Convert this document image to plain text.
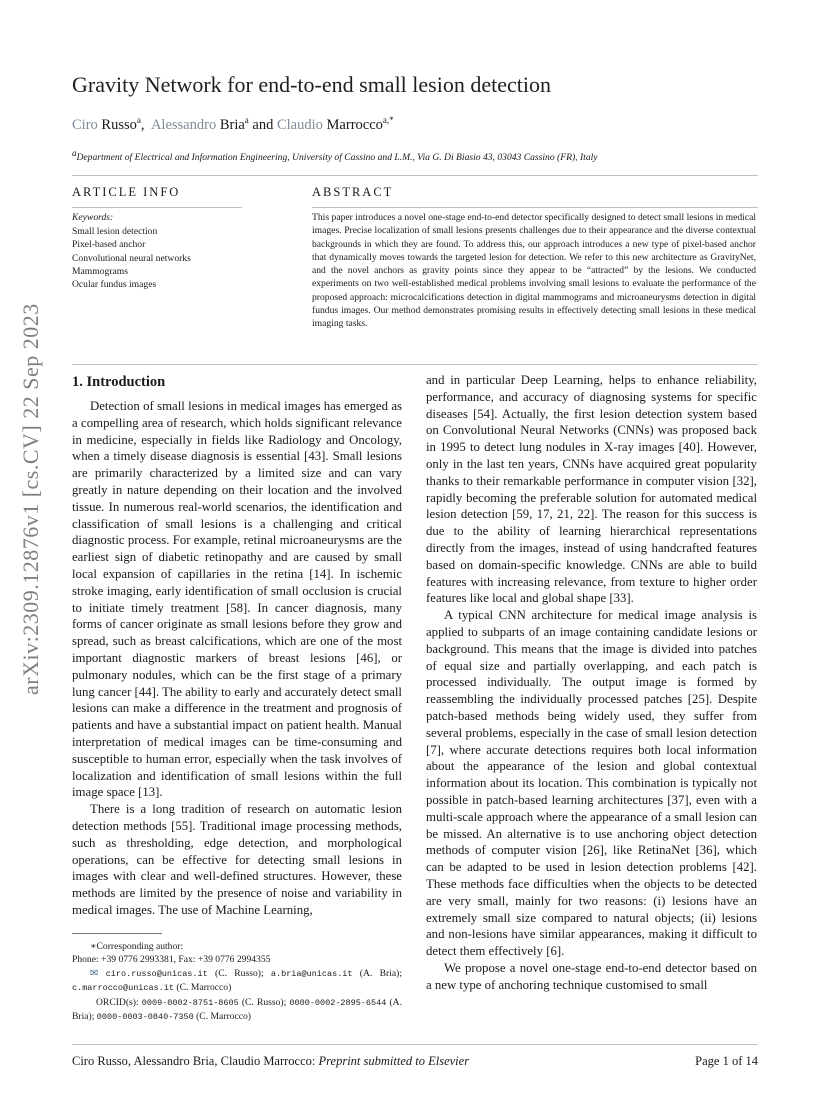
arXiv:2309.12876v1 [cs.CV] 22 Sep 2023
Gravity Network for end-to-end small lesion detection
Ciro Russo$^a$, Alessandro Bria$^a$ and Claudio Marrocco$^{a,*}$
$^a$Department of Electrical and Information Engineering, University of Cassino and L.M., Via G. Di Biasio 43, 03043 Cassino (FR), Italy
ARTICLE INFO	ABSTRACT
Keywords:
Small lesion detection
Pixel-based anchor
Convolutional neural networks
Mammograms
Ocular fundus images
This paper introduces a novel one-stage end-to-end detector specifically designed to detect small lesions in medical images. Precise localization of small lesions presents challenges due to their appearance and the diverse contextual backgrounds in which they are found. To address this, our approach introduces a new type of pixel-based anchor that dynamically moves towards the targeted lesion for detection. We refer to this new architecture as GravityNet, and the novel anchors as gravity points since they appear to be “attracted” by the lesions. We conducted experiments on two well-established medical problems involving small lesions to evaluate the performance of the proposed approach: microcalcifications detection in digital mammograms and microaneurysms detection in digital fundus images. Our method demonstrates promising results in effectively detecting small lesions in these medical imaging tasks.
1. Introduction

Detection of small lesions in medical images has emerged as a compelling area of research, which holds significant relevance in medicine, especially in fields like Radiology and Oncology, when a timely disease diagnosis is essential [43]. Small lesions are primarily characterized by a limited size and can vary greatly in nature depending on their location and the involved tissue. In numerous real-world scenarios, the identification and classification of small lesions is a challenging and critical diagnostic process. For example, retinal microaneurysms are the earliest sign of diabetic retinopathy and are caused by small local expansion of capillaries in the retina [14]. In ischemic stroke imaging, early identification of small occlusion is crucial to initiate timely treatment [58]. In cancer diagnosis, many forms of cancer originate as small lesions before they grow and spread, such as breast calcifications, which are one of the most important diagnostic markers of breast lesions [46], or pulmonary nodules, which can be the first stage of a primary lung cancer [44]. The ability to early and accurately detect small lesions can make a difference in the treatment and prognosis of patients and have a substantial impact on patient health. Manual interpretation of medical images can be time-consuming and susceptible to human error, especially when the task involves of localization and identification of small lesions within the full image space [13].

There is a long tradition of research on automatic lesion detection methods [55]. Traditional image processing methods, such as thresholding, edge detection, and morphological operations, can be effective for detecting small lesions in images with clear and well-defined structures. However, these methods are limited by the presence of noise and variability in medical images. The use of Machine Learning,

and in particular Deep Learning, helps to enhance reliability, performance, and accuracy of diagnosing systems for specific diseases [54]. Actually, the first lesion detection system based on Convolutional Neural Networks (CNNs) was proposed back in 1995 to detect lung nodules in X-ray images [40]. However, only in the last ten years, CNNs have acquired great popularity thanks to their remarkable performance in computer vision [32], rapidly becoming the preferable solution for automated medical lesion detection [59, 17, 21, 22]. The reason for this success is due to the ability of learning hierarchical representations directly from the images, instead of using handcrafted features based on domain-specific knowledge. CNNs are able to build features with increasing relevance, from texture to higher order features like local and global shape [33].

A typical CNN architecture for medical image analysis is applied to subparts of an image containing candidate lesions or background. This means that the image is divided into patches of equal size and partially overlapping, and each patch is processed individually. The output image is formed by reassembling the individually processed patches [25]. Despite patch-based methods being widely used, they suffer from several problems, especially in the case of small lesion detection [7], where accurate detections requires both local information about the appearance of the lesion and global contextual information about its location. This combination is typically not possible in patch-based learning architectures [37], even with a multi-scale approach where the appearance of a small lesion can be missed. An alternative is to use anchoring object detection methods of computer vision [26], like RetinaNet [36], which can be adapted to be used in lesion detection problems [42]. These methods face difficulties when the objects to be detected are very small, mainly for two reasons: (i) lesions have an extremely small size compared to natural objects; (ii) lesions and non-lesions have similar appearances, making it difficult to detect them effectively [6].

We propose a novel one-stage end-to-end detector based on a new type of anchoring technique customised to small

∗Corresponding author:
Phone: +39 0776 2993381, Fax: +39 0776 2994355
✉ ciro.russo@unicas.it (C. Russo); a.bria@unicas.it (A. Bria); c.marrocco@unicas.it (C. Marrocco)
ORCID(s): 0009-0002-8751-8605 (C. Russo); 0000-0002-2895-6544 (A. Bria); 0000-0003-0840-7350 (C. Marrocco)
Ciro Russo, Alessandro Bria, Claudio Marrocco: Preprint submitted to Elsevier	Page 1 of 14
